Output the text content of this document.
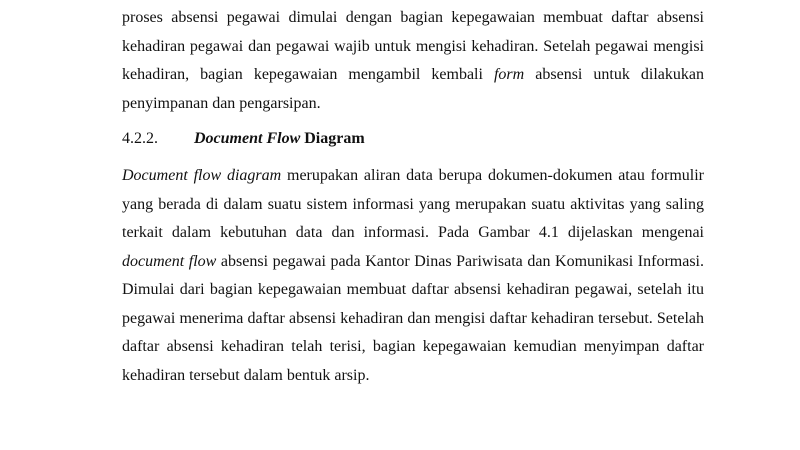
proses absensi pegawai dimulai dengan bagian kepegawaian membuat daftar absensi kehadiran pegawai dan pegawai wajib untuk mengisi kehadiran. Setelah pegawai mengisi kehadiran, bagian kepegawaian mengambil kembali form absensi untuk dilakukan penyimpanan dan pengarsipan.

4.2.2. Document Flow Diagram

Document flow diagram merupakan aliran data berupa dokumen-dokumen atau formulir yang berada di dalam suatu sistem informasi yang merupakan suatu aktivitas yang saling terkait dalam kebutuhan data dan informasi. Pada Gambar 4.1 dijelaskan mengenai document flow absensi pegawai pada Kantor Dinas Pariwisata dan Komunikasi Informasi. Dimulai dari bagian kepegawaian membuat daftar absensi kehadiran pegawai, setelah itu pegawai menerima daftar absensi kehadiran dan mengisi daftar kehadiran tersebut. Setelah daftar absensi kehadiran telah terisi, bagian kepegawaian kemudian menyimpan daftar kehadiran tersebut dalam bentuk arsip.
